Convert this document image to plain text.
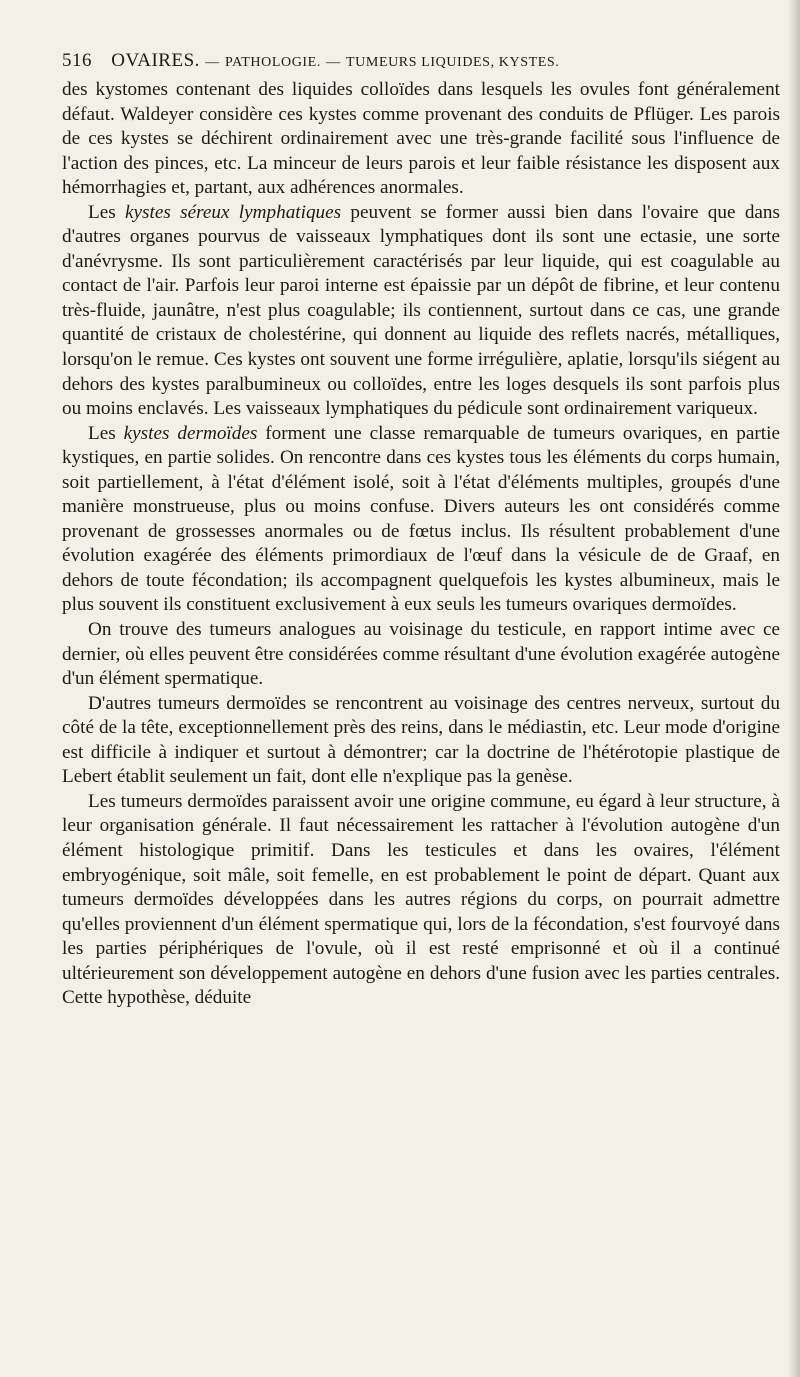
516 OVAIRES. — PATHOLOGIE. — TUMEURS LIQUIDES, KYSTES.

des kystomes contenant des liquides colloïdes dans lesquels les ovules font généralement défaut. Waldeyer considère ces kystes comme provenant des conduits de Pflüger. Les parois de ces kystes se déchirent ordinairement avec une très-grande facilité sous l'influence de l'action des pinces, etc. La minceur de leurs parois et leur faible résistance les disposent aux hémorrhagies et, partant, aux adhérences anormales.

Les kystes séreux lymphatiques peuvent se former aussi bien dans l'ovaire que dans d'autres organes pourvus de vaisseaux lymphatiques dont ils sont une ectasie, une sorte d'anévrysme. Ils sont particulièrement caractérisés par leur liquide, qui est coagulable au contact de l'air. Parfois leur paroi interne est épaissie par un dépôt de fibrine, et leur contenu très-fluide, jaunâtre, n'est plus coagulable; ils contiennent, surtout dans ce cas, une grande quantité de cristaux de cholestérine, qui donnent au liquide des reflets nacrés, métalliques, lorsqu'on le remue. Ces kystes ont souvent une forme irrégulière, aplatie, lorsqu'ils siégent au dehors des kystes paralbumineux ou colloïdes, entre les loges desquels ils sont parfois plus ou moins enclavés. Les vaisseaux lymphatiques du pédicule sont ordinairement variqueux.

Les kystes dermoïdes forment une classe remarquable de tumeurs ovariques, en partie kystiques, en partie solides. On rencontre dans ces kystes tous les éléments du corps humain, soit partiellement, à l'état d'élément isolé, soit à l'état d'éléments multiples, groupés d'une manière monstrueuse, plus ou moins confuse. Divers auteurs les ont considérés comme provenant de grossesses anormales ou de fœtus inclus. Ils résultent probablement d'une évolution exagérée des éléments primordiaux de l'œuf dans la vésicule de de Graaf, en dehors de toute fécondation; ils accompagnent quelquefois les kystes albumineux, mais le plus souvent ils constituent exclusivement à eux seuls les tumeurs ovariques dermoïdes.

On trouve des tumeurs analogues au voisinage du testicule, en rapport intime avec ce dernier, où elles peuvent être considérées comme résultant d'une évolution exagérée autogène d'un élément spermatique.

D'autres tumeurs dermoïdes se rencontrent au voisinage des centres nerveux, surtout du côté de la tête, exceptionnellement près des reins, dans le médiastin, etc. Leur mode d'origine est difficile à indiquer et surtout à démontrer; car la doctrine de l'hétérotopie plastique de Lebert établit seulement un fait, dont elle n'explique pas la genèse.

Les tumeurs dermoïdes paraissent avoir une origine commune, eu égard à leur structure, à leur organisation générale. Il faut nécessairement les rattacher à l'évolution autogène d'un élément histologique primitif. Dans les testicules et dans les ovaires, l'élément embryogénique, soit mâle, soit femelle, en est probablement le point de départ. Quant aux tumeurs dermoïdes développées dans les autres régions du corps, on pourrait admettre qu'elles proviennent d'un élément spermatique qui, lors de la fécondation, s'est fourvoyé dans les parties périphériques de l'ovule, où il est resté emprisonné et où il a continué ultérieurement son développement autogène en dehors d'une fusion avec les parties centrales. Cette hypothèse, déduite
